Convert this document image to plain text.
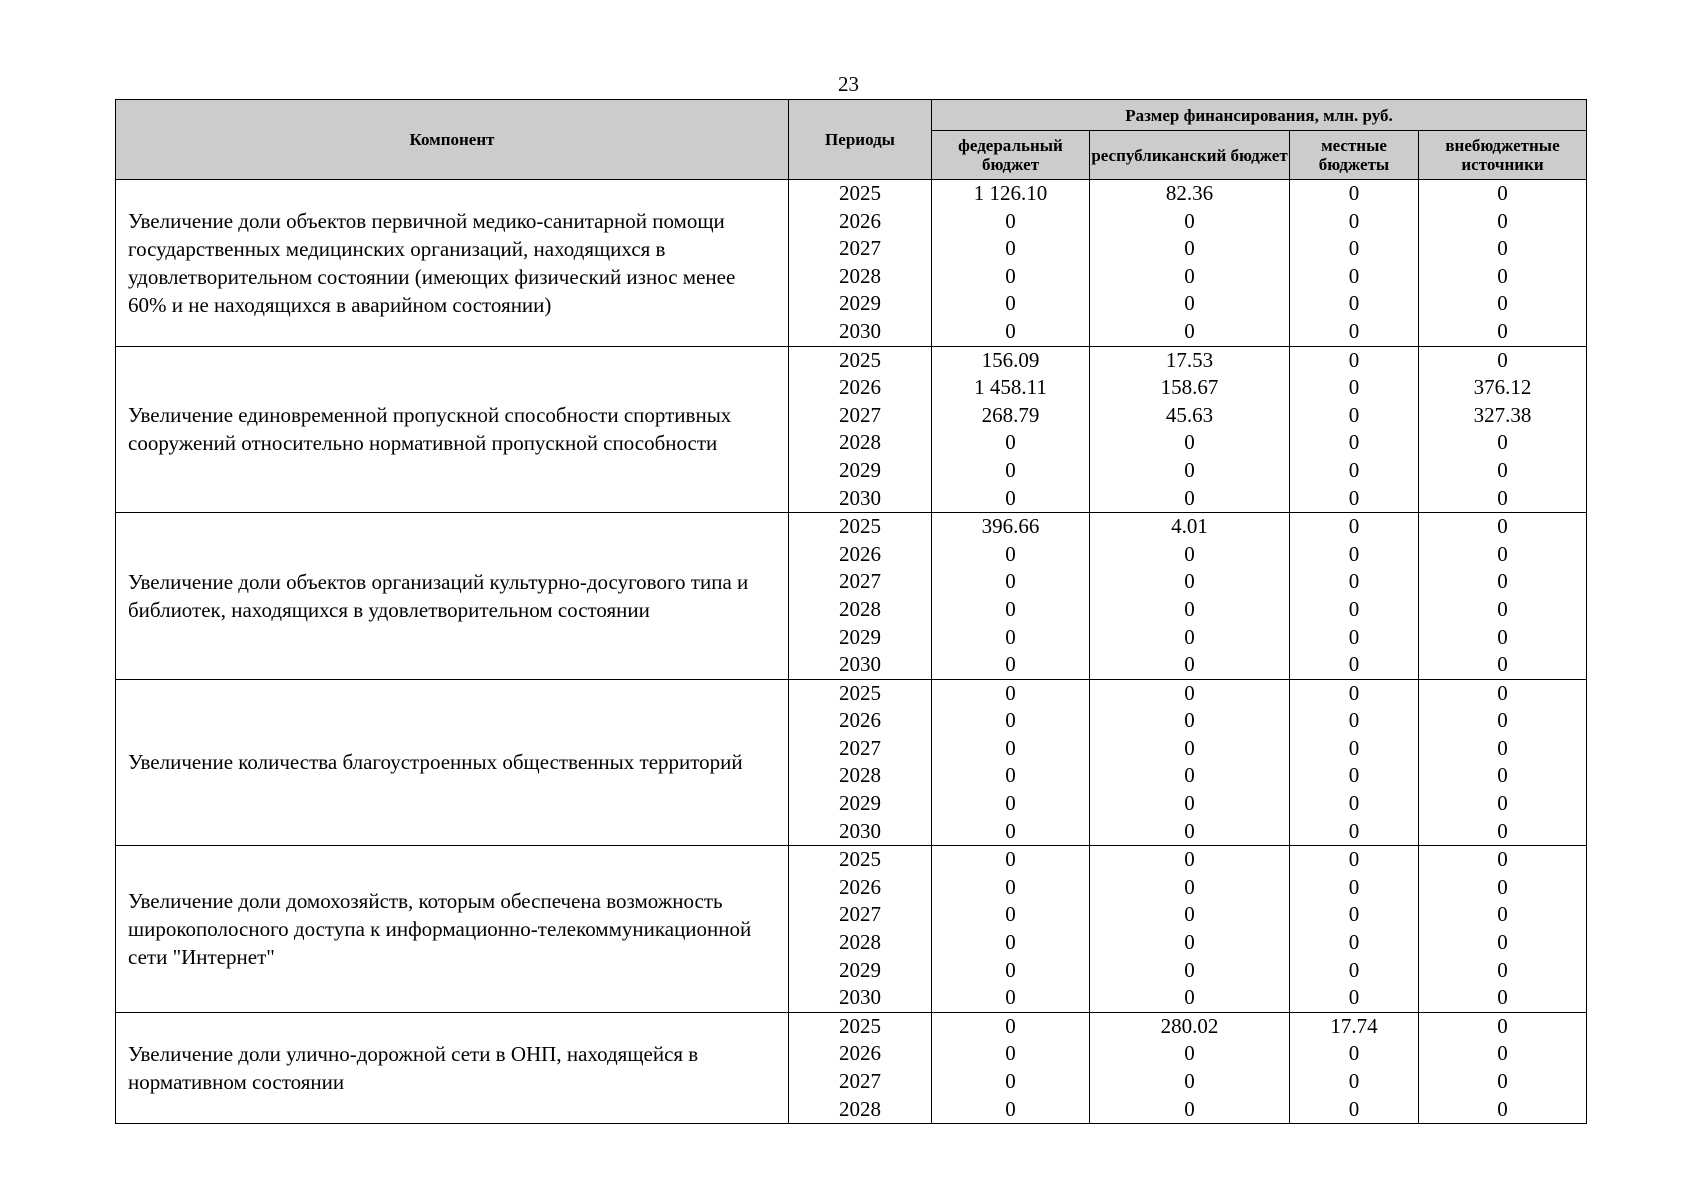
23
Компонент	Периоды	Размер финансирования, млн. руб.			
		федеральный бюджет	республиканский бюджет	местные бюджеты	внебюджетные источники
Увеличение доли объектов первичной медико-санитарной помощи государственных медицинских организаций, находящихся в удовлетворительном состоянии (имеющих физический износ менее 60% и не находящихся в аварийном состоянии)	2025	1 126.10	82.36	0	0
	2026	0	0	0	0
	2027	0	0	0	0
	2028	0	0	0	0
	2029	0	0	0	0
	2030	0	0	0	0
Увеличение единовременной пропускной способности спортивных сооружений относительно нормативной пропускной способности	2025	156.09	17.53	0	0
	2026	1 458.11	158.67	0	376.12
	2027	268.79	45.63	0	327.38
	2028	0	0	0	0
	2029	0	0	0	0
	2030	0	0	0	0
Увеличение доли объектов организаций культурно-досугового типа и библиотек, находящихся в удовлетворительном состоянии	2025	396.66	4.01	0	0
	2026	0	0	0	0
	2027	0	0	0	0
	2028	0	0	0	0
	2029	0	0	0	0
	2030	0	0	0	0
Увеличение количества благоустроенных общественных территорий	2025	0	0	0	0
	2026	0	0	0	0
	2027	0	0	0	0
	2028	0	0	0	0
	2029	0	0	0	0
	2030	0	0	0	0
Увеличение доли домохозяйств, которым обеспечена возможность широкополосного доступа к информационно-телекоммуникационной сети "Интернет"	2025	0	0	0	0
	2026	0	0	0	0
	2027	0	0	0	0
	2028	0	0	0	0
	2029	0	0	0	0
	2030	0	0	0	0
Увеличение доли улично-дорожной сети в ОНП, находящейся в нормативном состоянии	2025	0	280.02	17.74	0
	2026	0	0	0	0
	2027	0	0	0	0
	2028	0	0	0	0
